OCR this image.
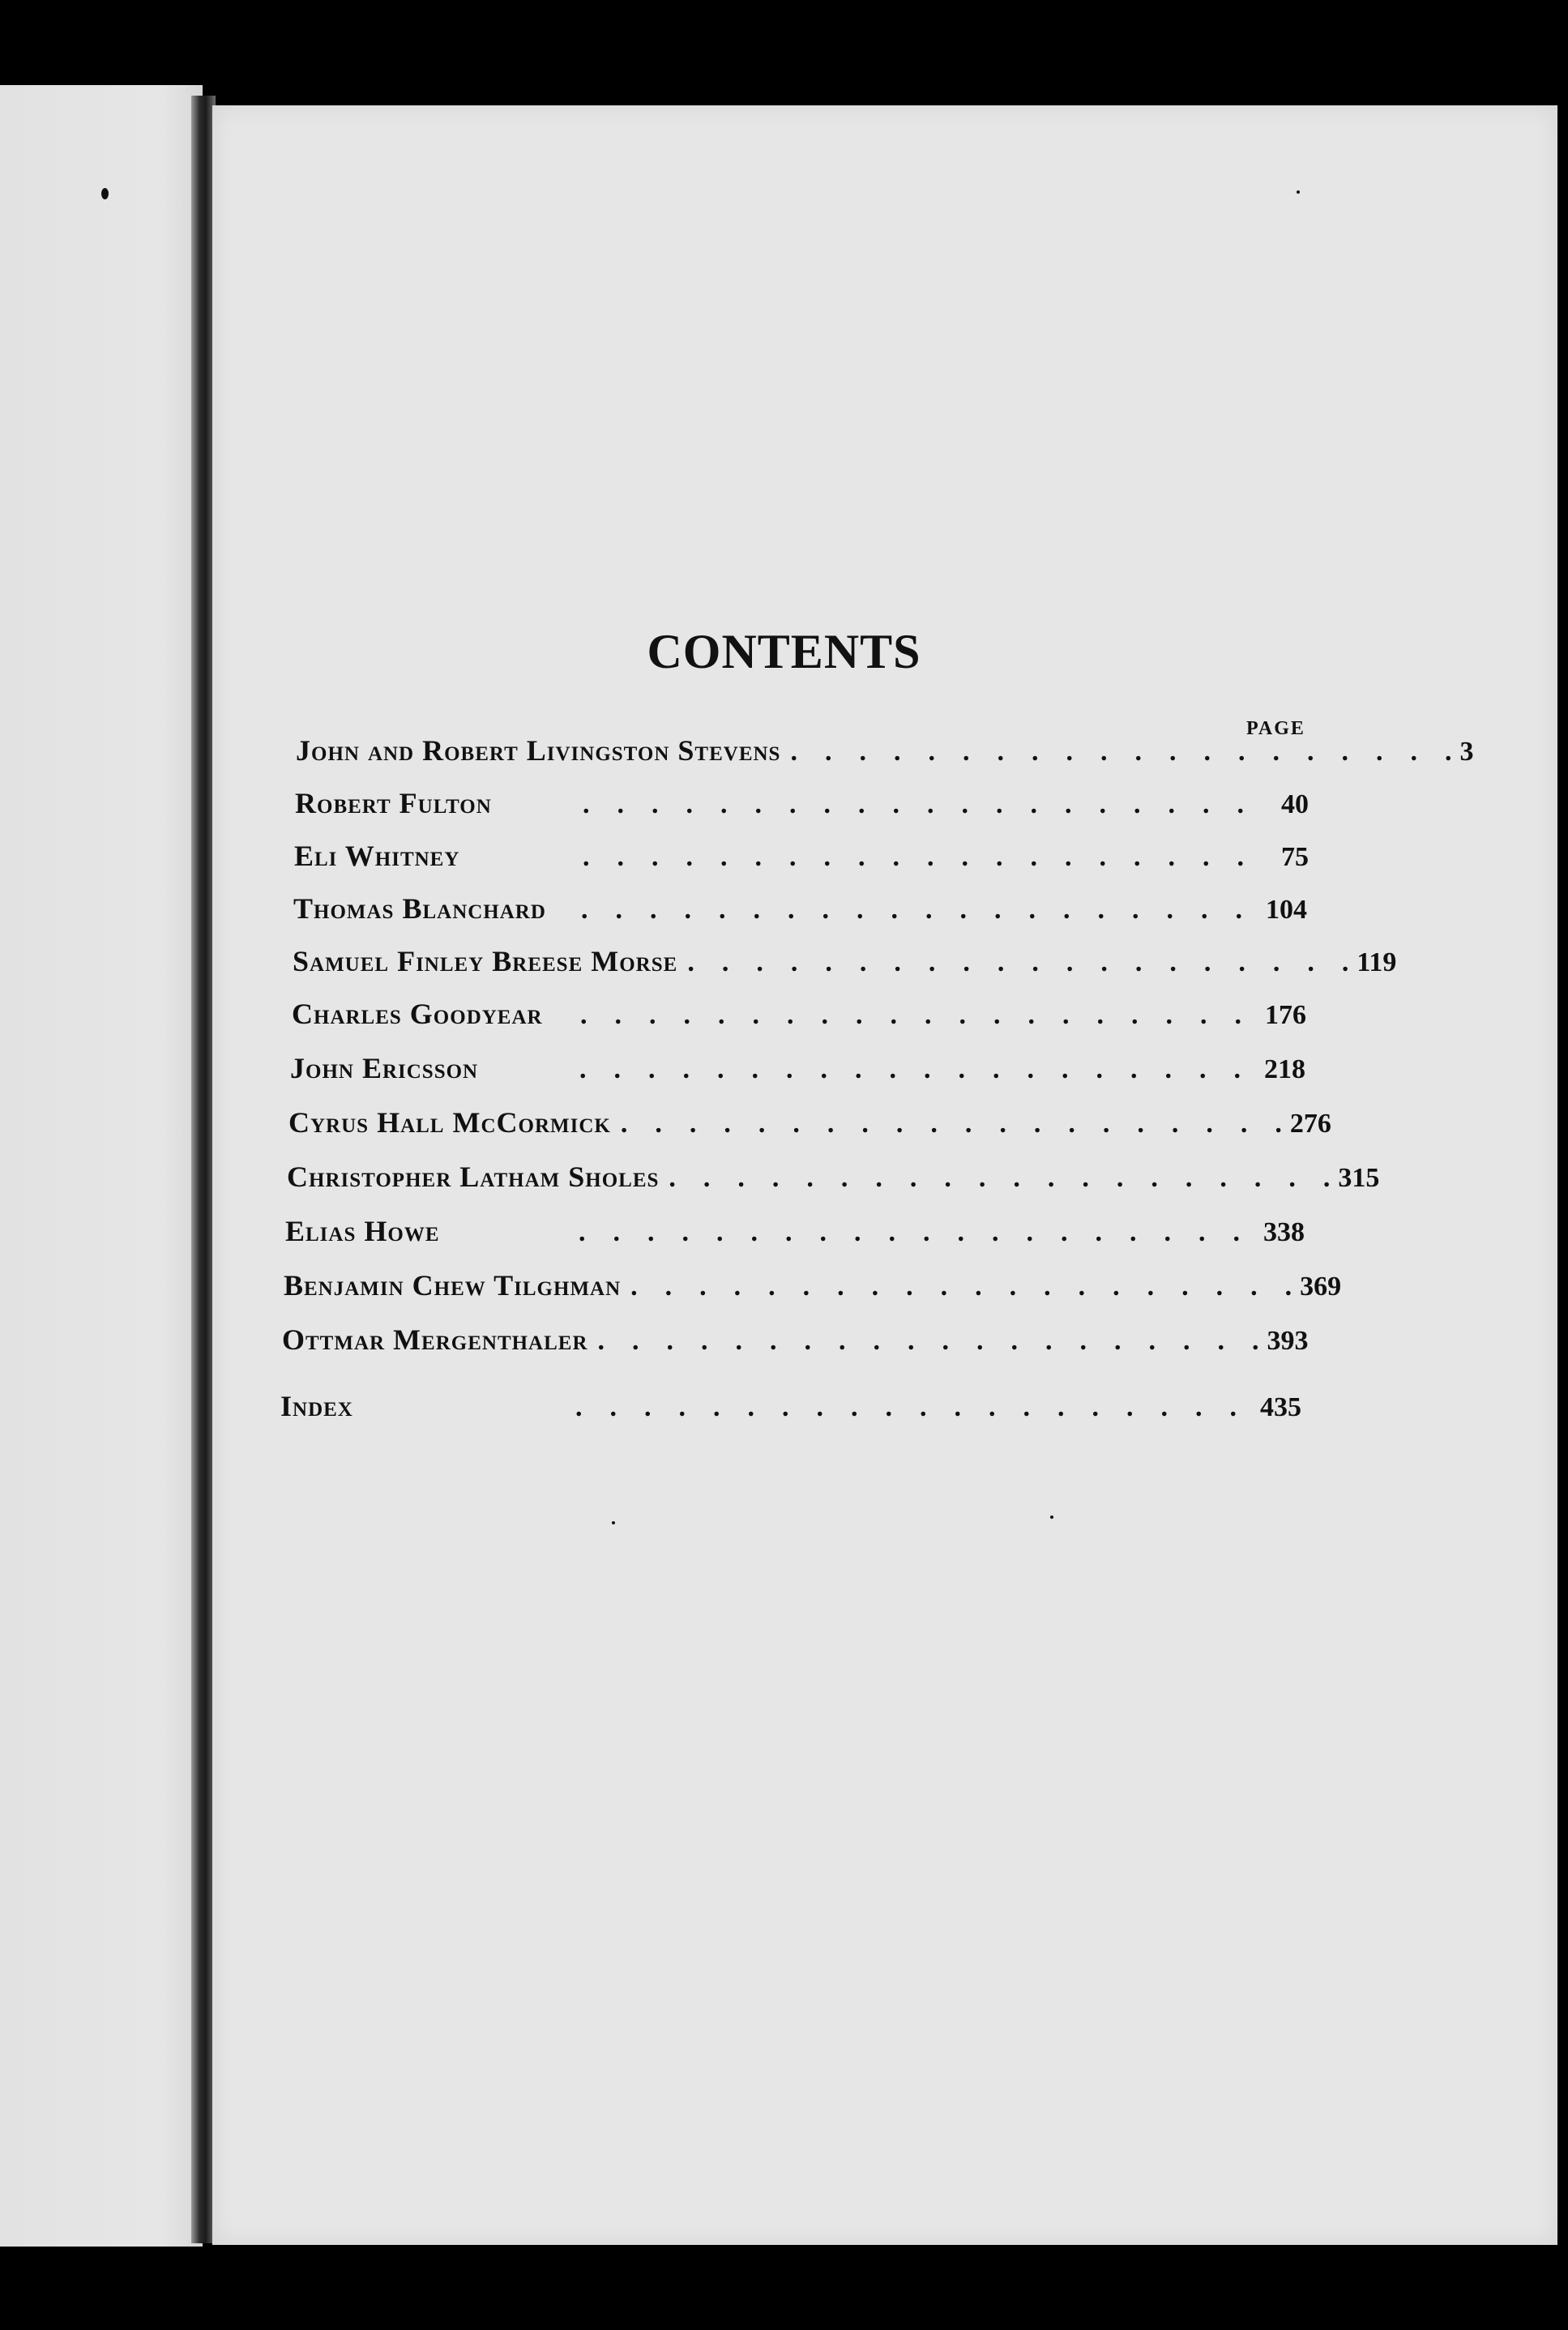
CONTENTS
PAGE
John and Robert Livingston Stevens . . . . . . . . . . . . . . . . . . . . 3
Robert Fulton	. . . . . . . . . . . . . . . . . . . .	40
Eli Whitney	. . . . . . . . . . . . . . . . . . . .	75
Thomas Blanchard	. . . . . . . . . . . . . . . . . . . . 104
Samuel Finley Breese Morse . . . . . . . . . . . . . . . . . . . . 119
Charles Goodyear	. . . . . . . . . . . . . . . . . . . . 176
John Ericsson	. . . . . . . . . . . . . . . . . . . . 218
Cyrus Hall McCormick . . . . . . . . . . . . . . . . . . . . 276
Christopher Latham Sholes . . . . . . . . . . . . . . . . . . . . 315
Elias Howe	. . . . . . . . . . . . . . . . . . . . 338
Benjamin Chew Tilghman . . . . . . . . . . . . . . . . . . . . 369
Ottmar Mergenthaler . . . . . . . . . . . . . . . . . . . . 393
Index	. . . . . . . . . . . . . . . . . . . . 435
